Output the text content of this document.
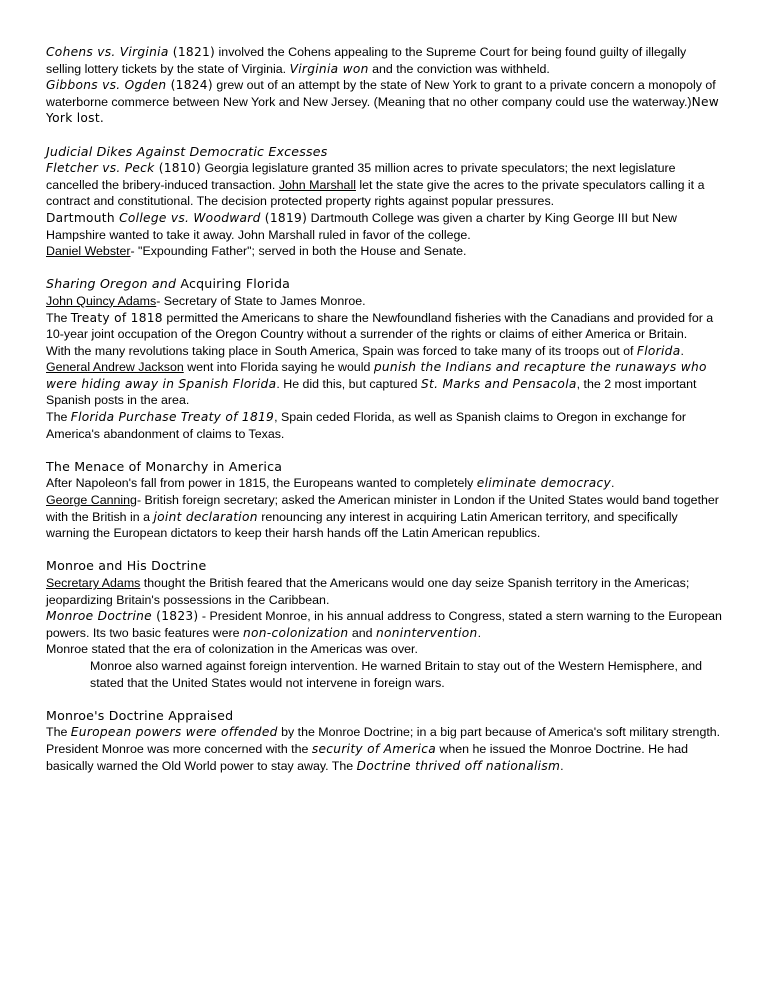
Cohens vs. Virginia (1821) involved the Cohens appealing to the Supreme Court for being found guilty of illegally selling lottery tickets by the state of Virginia. Virginia won and the conviction was withheld.

Gibbons vs. Ogden (1824) grew out of an attempt by the state of New York to grant to a private concern a monopoly of waterborne commerce between New York and New Jersey. (Meaning that no other company could use the waterway.)New York lost.

Judicial Dikes Against Democratic Excesses

Fletcher vs. Peck (1810) Georgia legislature granted 35 million acres to private speculators; the next legislature cancelled the bribery-induced transaction. John Marshall let the state give the acres to the private speculators calling it a contract and constitutional. The decision protected property rights against popular pressures.

Dartmouth College vs. Woodward (1819) Dartmouth College was given a charter by King George III but New Hampshire wanted to take it away. John Marshall ruled in favor of the college.

Daniel Webster- "Expounding Father"; served in both the House and Senate.

Sharing Oregon and Acquiring Florida

John Quincy Adams- Secretary of State to James Monroe.

The Treaty of 1818 permitted the Americans to share the Newfoundland fisheries with the Canadians and provided for a 10-year joint occupation of the Oregon Country without a surrender of the rights or claims of either America or Britain.

With the many revolutions taking place in South America, Spain was forced to take many of its troops out of Florida. General Andrew Jackson went into Florida saying he would punish the Indians and recapture the runaways who were hiding away in Spanish Florida. He did this, but captured St. Marks and Pensacola, the 2 most important Spanish posts in the area.

The Florida Purchase Treaty of 1819, Spain ceded Florida, as well as Spanish claims to Oregon in exchange for America's abandonment of claims to Texas.

The Menace of Monarchy in America

After Napoleon's fall from power in 1815, the Europeans wanted to completely eliminate democracy.

George Canning- British foreign secretary; asked the American minister in London if the United States would band together with the British in a joint declaration renouncing any interest in acquiring Latin American territory, and specifically warning the European dictators to keep their harsh hands off the Latin American republics.

Monroe and His Doctrine

Secretary Adams thought the British feared that the Americans would one day seize Spanish territory in the Americas; jeopardizing Britain's possessions in the Caribbean.

Monroe Doctrine (1823) - President Monroe, in his annual address to Congress, stated a stern warning to the European powers. Its two basic features were non-colonization and nonintervention.

Monroe stated that the era of colonization in the Americas was over.

Monroe also warned against foreign intervention. He warned Britain to stay out of the Western Hemisphere, and stated that the United States would not intervene in foreign wars.

Monroe's Doctrine Appraised

The European powers were offended by the Monroe Doctrine; in a big part because of America's soft military strength.

President Monroe was more concerned with the security of America when he issued the Monroe Doctrine. He had basically warned the Old World power to stay away. The Doctrine thrived off nationalism.
